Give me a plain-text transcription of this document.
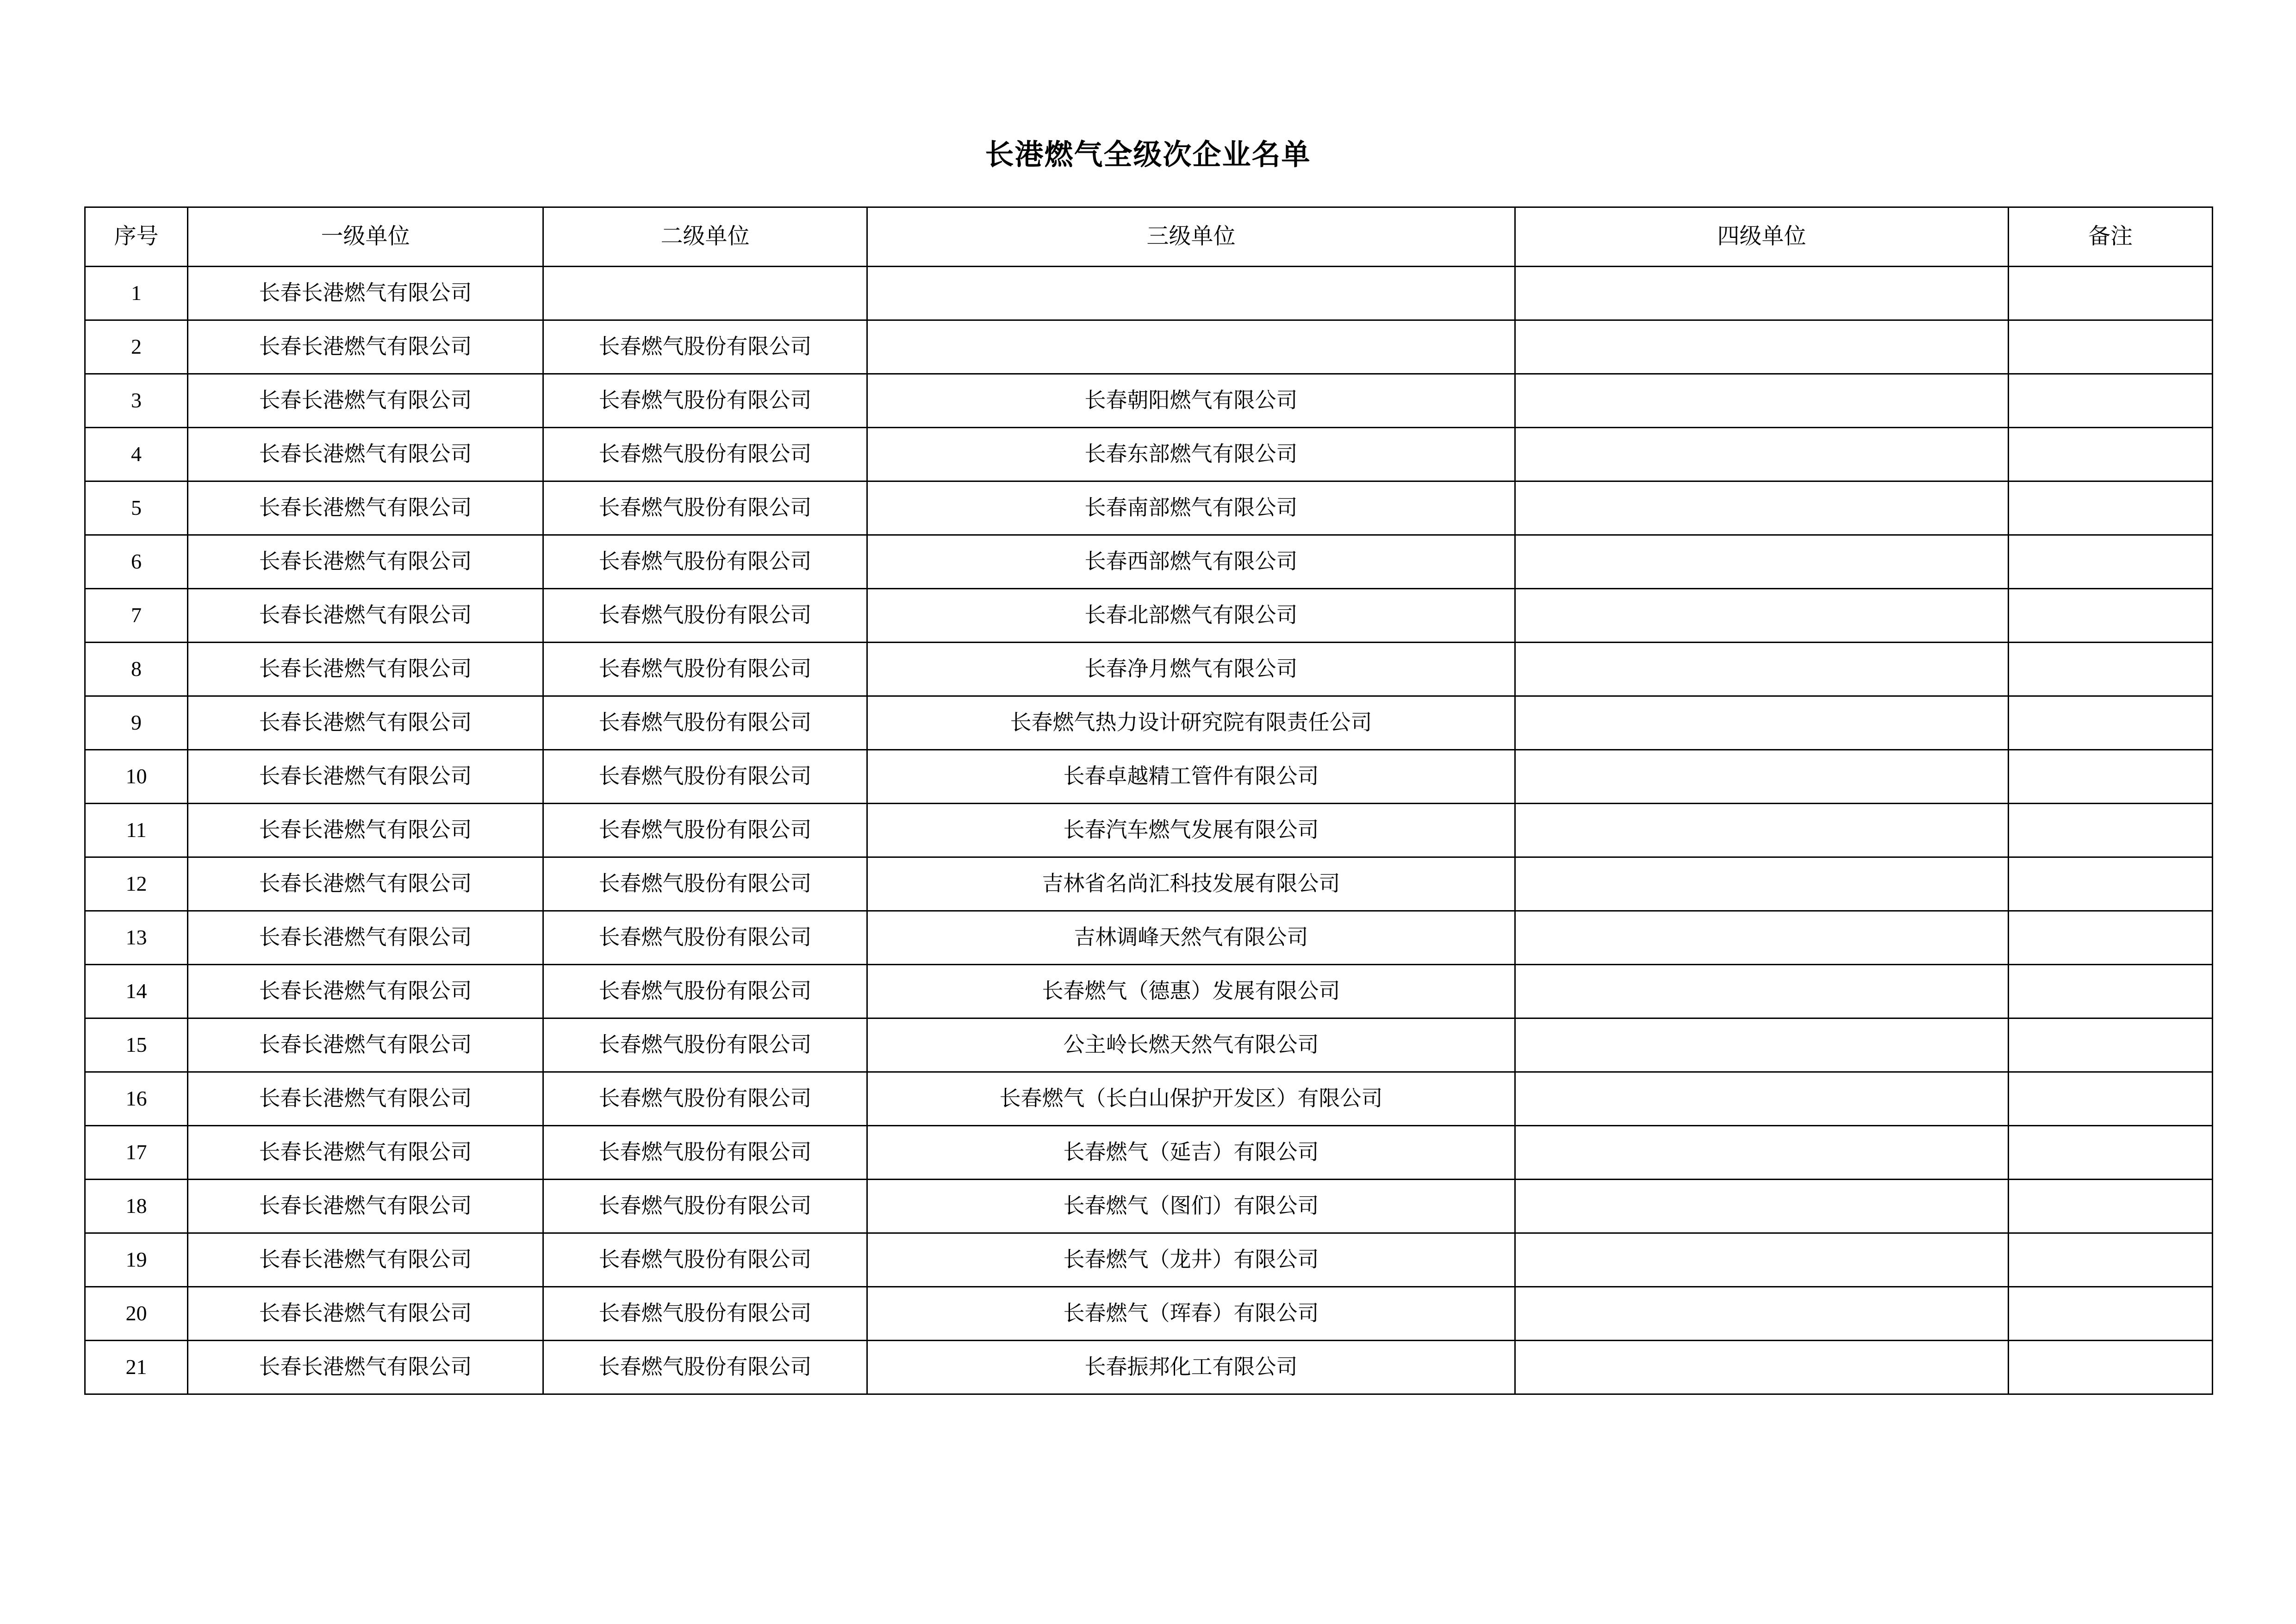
长港燃气全级次企业名单
序号	一级单位	二级单位	三级单位	四级单位	备注
1	长春长港燃气有限公司				
2	长春长港燃气有限公司	长春燃气股份有限公司			
3	长春长港燃气有限公司	长春燃气股份有限公司	长春朝阳燃气有限公司		
4	长春长港燃气有限公司	长春燃气股份有限公司	长春东部燃气有限公司		
5	长春长港燃气有限公司	长春燃气股份有限公司	长春南部燃气有限公司		
6	长春长港燃气有限公司	长春燃气股份有限公司	长春西部燃气有限公司		
7	长春长港燃气有限公司	长春燃气股份有限公司	长春北部燃气有限公司		
8	长春长港燃气有限公司	长春燃气股份有限公司	长春净月燃气有限公司		
9	长春长港燃气有限公司	长春燃气股份有限公司	长春燃气热力设计研究院有限责任公司		
10	长春长港燃气有限公司	长春燃气股份有限公司	长春卓越精工管件有限公司		
11	长春长港燃气有限公司	长春燃气股份有限公司	长春汽车燃气发展有限公司		
12	长春长港燃气有限公司	长春燃气股份有限公司	吉林省名尚汇科技发展有限公司		
13	长春长港燃气有限公司	长春燃气股份有限公司	吉林调峰天然气有限公司		
14	长春长港燃气有限公司	长春燃气股份有限公司	长春燃气（德惠）发展有限公司		
15	长春长港燃气有限公司	长春燃气股份有限公司	公主岭长燃天然气有限公司		
16	长春长港燃气有限公司	长春燃气股份有限公司	长春燃气（长白山保护开发区）有限公司		
17	长春长港燃气有限公司	长春燃气股份有限公司	长春燃气（延吉）有限公司		
18	长春长港燃气有限公司	长春燃气股份有限公司	长春燃气（图们）有限公司		
19	长春长港燃气有限公司	长春燃气股份有限公司	长春燃气（龙井）有限公司		
20	长春长港燃气有限公司	长春燃气股份有限公司	长春燃气（珲春）有限公司		
21	长春长港燃气有限公司	长春燃气股份有限公司	长春振邦化工有限公司		
